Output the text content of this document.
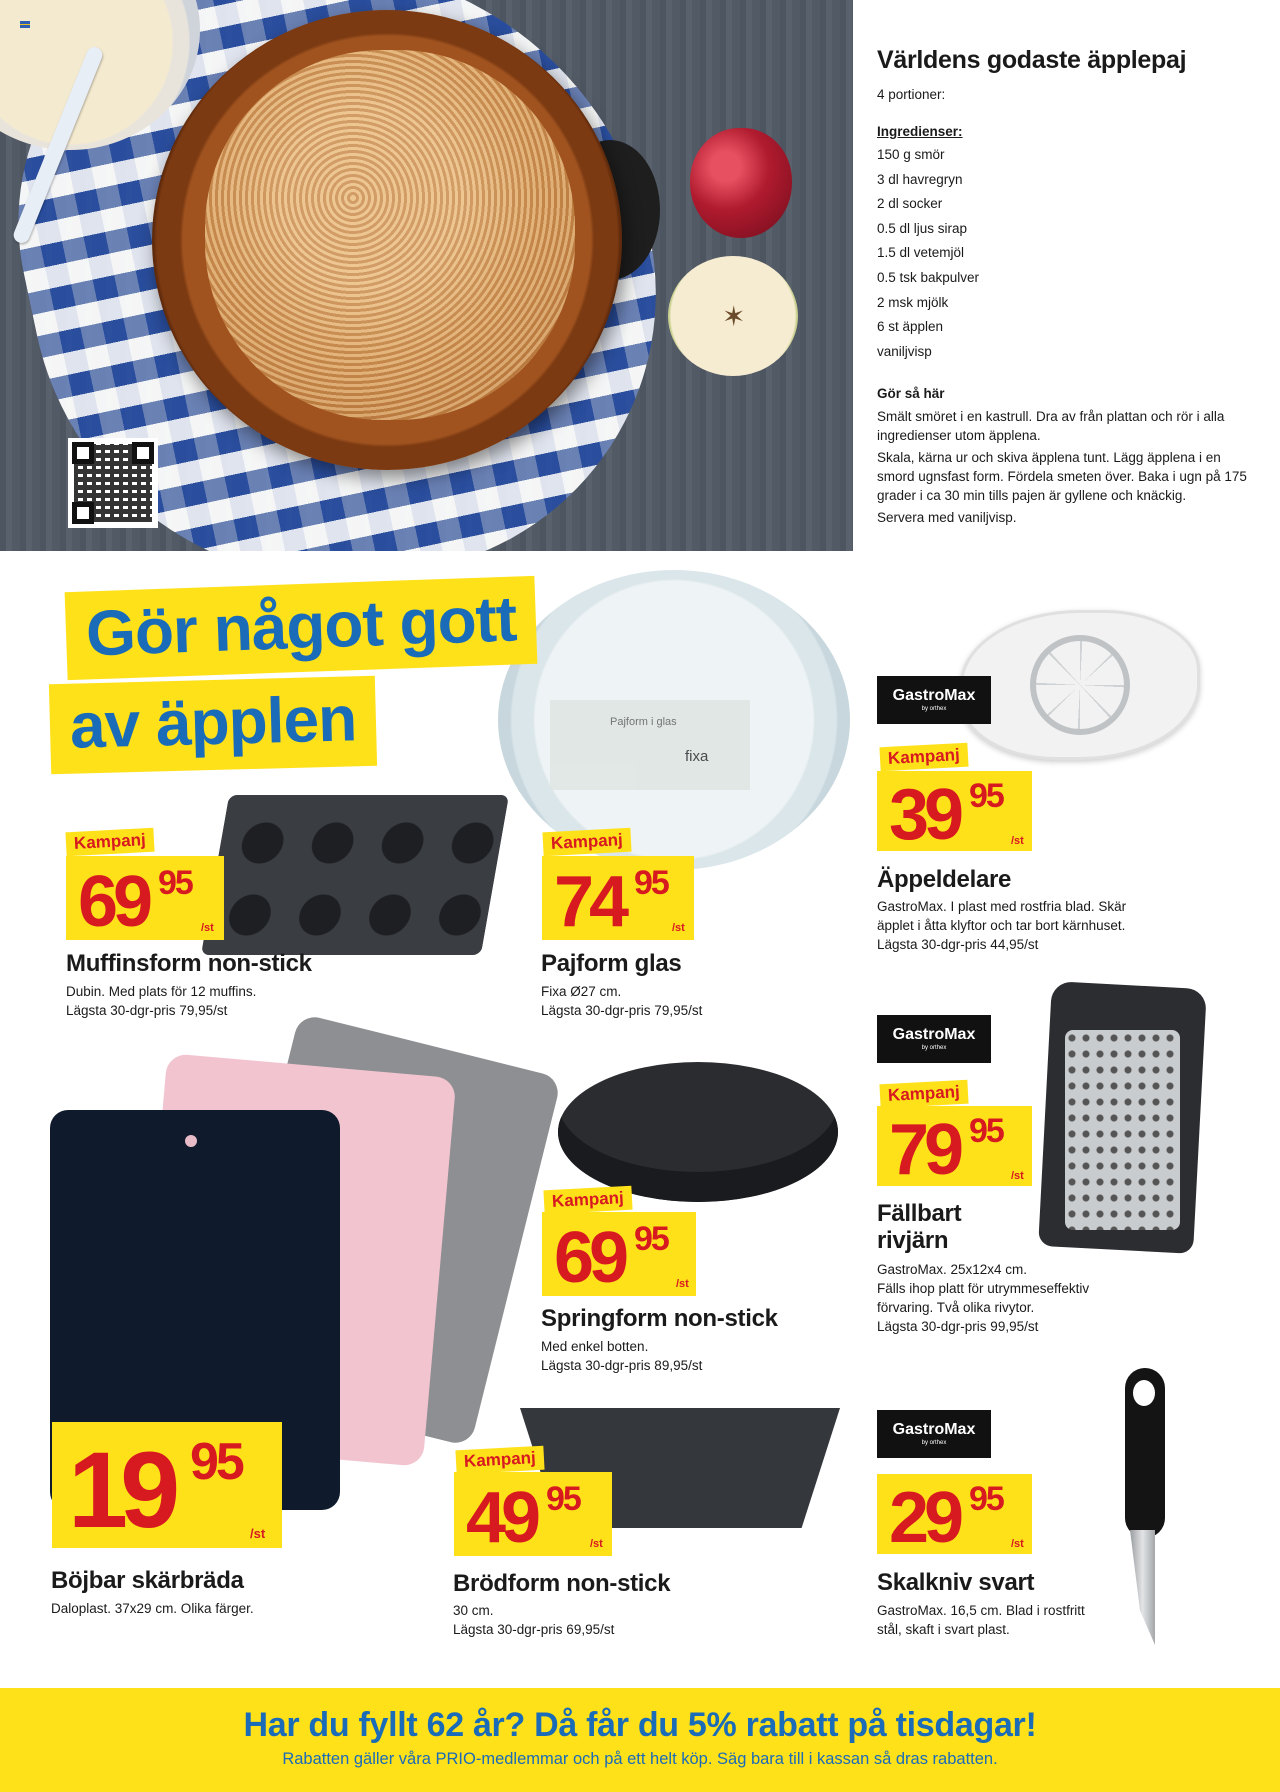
✶
Världens godaste äpplepaj
4 portioner:
Ingredienser:
150 g smör
3 dl havregryn
2 dl socker
0.5 dl ljus sirap
1.5 dl vetemjöl
0.5 tsk bakpulver
2 msk mjölk
6 st äpplen
vaniljvisp
Gör så här

Smält smöret i en kastrull. Dra av från plattan och rör i alla ingredienser utom äpplena.

Skala, kärna ur och skiva äpplena tunt. Lägg äpplena i en smord ugnsfast form. Fördela smeten över. Baka i ugn på 175 grader i ca 30 min tills pajen är gyllene och knäckig.

Servera med vaniljvisp.

Pajform i glas
fixa
Gör något gott
av äpplen
Kampanj
69 95
/st
Muffinsform non-stick
Dubin. Med plats för 12 muffins.
Lägsta 30-dgr-pris 79,95/st
Kampanj
74 95
/st
Pajform glas
Fixa Ø27 cm.
Lägsta 30-dgr-pris 79,95/st
GastroMax
by orthex
Kampanj
39 95
/st
Äppeldelare
GastroMax. I plast med rostfria blad. Skär
äpplet i åtta klyftor och tar bort kärnhuset.
Lägsta 30-dgr-pris 44,95/st
GastroMax
by orthex
Kampanj
79 95
/st
Fällbart
rivjärn
GastroMax. 25x12x4 cm.
Fälls ihop platt för utrymmeseffektiv
förvaring. Två olika rivytor.
Lägsta 30-dgr-pris 99,95/st
Kampanj
69 95
/st
Springform non-stick
Med enkel botten.
Lägsta 30-dgr-pris 89,95/st
19 95
/st
Böjbar skärbräda
Daloplast. 37x29 cm. Olika färger.
Kampanj
49 95
/st
Brödform non-stick
30 cm.
Lägsta 30-dgr-pris 69,95/st
GastroMax
by orthex
29 95
/st
Skalkniv svart
GastroMax. 16,5 cm. Blad i rostfritt
stål, skaft i svart plast.
Har du fyllt 62 år? Då får du 5% rabatt på tisdagar!

Rabatten gäller våra PRIO-medlemmar och på ett helt köp. Säg bara till i kassan så dras rabatten.
